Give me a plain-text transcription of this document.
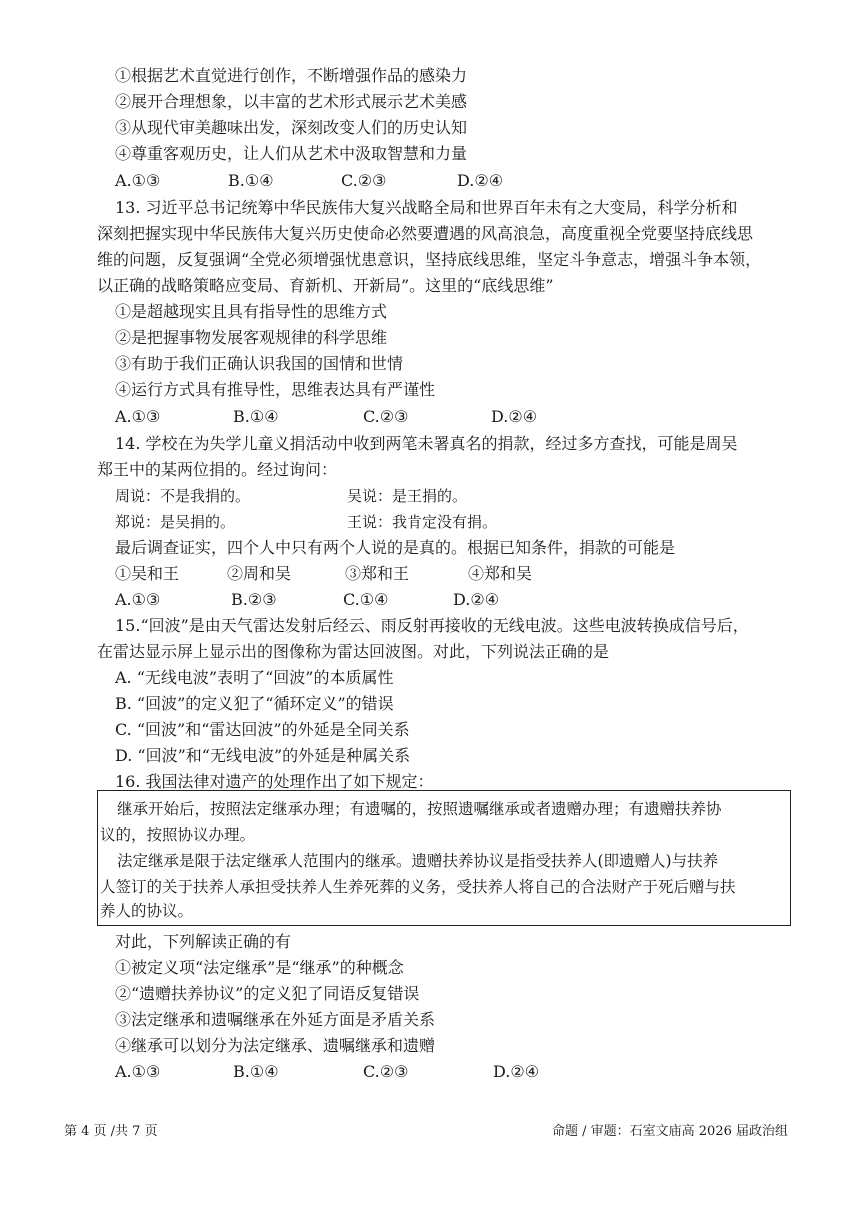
①根据艺术直觉进行创作，不断增强作品的感染力
②展开合理想象，以丰富的艺术形式展示艺术美感
③从现代审美趣味出发，深刻改变人们的历史认知
④尊重客观历史，让人们从艺术中汲取智慧和力量
A.①③	B.①④	C.②③	D.②④
13. 习近平总书记统筹中华民族伟大复兴战略全局和世界百年未有之大变局，科学分析和
深刻把握实现中华民族伟大复兴历史使命必然要遭遇的风高浪急，高度重视全党要坚持底线思
维的问题，反复强调“全党必须增强忧患意识，坚持底线思维，坚定斗争意志，增强斗争本领，
以正确的战略策略应变局、育新机、开新局”。这里的“底线思维”
①是超越现实且具有指导性的思维方式
②是把握事物发展客观规律的科学思维
③有助于我们正确认识我国的国情和世情
④运行方式具有推导性，思维表达具有严谨性
A.①③	B.①④	C.②③	D.②④
14. 学校在为失学儿童义捐活动中收到两笔未署真名的捐款，经过多方查找，可能是周吴
郑王中的某两位捐的。经过询问：
周说：不是我捐的。	吴说：是王捐的。
郑说：是吴捐的。	王说：我肯定没有捐。
最后调查证实，四个人中只有两个人说的是真的。根据已知条件，捐款的可能是
①吴和王	②周和吴	③郑和王	④郑和吴
A.①③	B.②③	C.①④	D.②④
15.“回波”是由天气雷达发射后经云、雨反射再接收的无线电波。这些电波转换成信号后，
在雷达显示屏上显示出的图像称为雷达回波图。对此，下列说法正确的是
A. “无线电波”表明了“回波”的本质属性
B. “回波”的定义犯了“循环定义”的错误
C. “回波”和“雷达回波”的外延是全同关系
D. “回波”和“无线电波”的外延是种属关系
16. 我国法律对遗产的处理作出了如下规定：
继承开始后，按照法定继承办理；有遗嘱的，按照遗嘱继承或者遗赠办理；有遗赠扶养协
议的，按照协议办理。
法定继承是限于法定继承人范围内的继承。遗赠扶养协议是指受扶养人(即遗赠人)与扶养
人签订的关于扶养人承担受扶养人生养死葬的义务，受扶养人将自己的合法财产于死后赠与扶
养人的协议。
对此，下列解读正确的有
①被定义项“法定继承”是“继承”的种概念
②“遗赠扶养协议”的定义犯了同语反复错误
③法定继承和遗嘱继承在外延方面是矛盾关系
④继承可以划分为法定继承、遗嘱继承和遗赠
A.①③	B.①④	C.②③	D.②④
第 4 页 /共 7 页	命题 / 审题：石室文庙高 2026 届政治组
